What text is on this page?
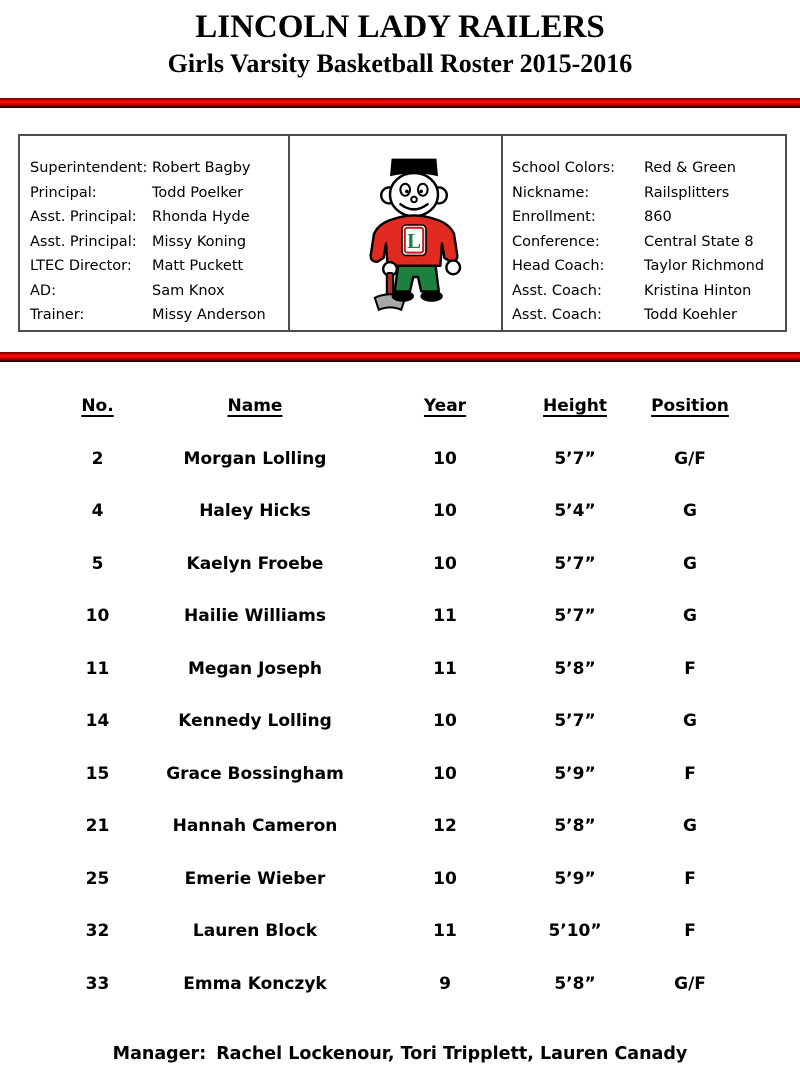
LINCOLN LADY RAILERS
Girls Varsity Basketball Roster 2015-2016
Superintendent: Robert Bagby
Principal:	Todd Poelker
Asst. Principal:	Rhonda Hyde
Asst. Principal:	Missy Koning
LTEC Director:	Matt Puckett
AD:	Sam Knox
Trainer:	Missy Anderson
L
School Colors:	Red & Green
Nickname:	Railsplitters
Enrollment:	860
Conference:	Central State 8
Head Coach:	Taylor Richmond
Asst. Coach:	Kristina Hinton
Asst. Coach:	Todd Koehler
No.	Name	Year	Height	Position
2	Morgan Lolling	10	5’7”	G/F
4	Haley Hicks	10	5’4”	G
5	Kaelyn Froebe	10	5’7”	G
10	Hailie Williams	11	5’7”	G
11	Megan Joseph	11	5’8”	F
14	Kennedy Lolling	10	5’7”	G
15	Grace Bossingham	10	5’9”	F
21	Hannah Cameron	12	5’8”	G
25	Emerie Wieber	10	5’9”	F
32	Lauren Block	11	5’10”	F
33	Emma Konczyk	9	5’8”	G/F
Manager: Rachel Lockenour, Tori Tripplett, Lauren Canady
